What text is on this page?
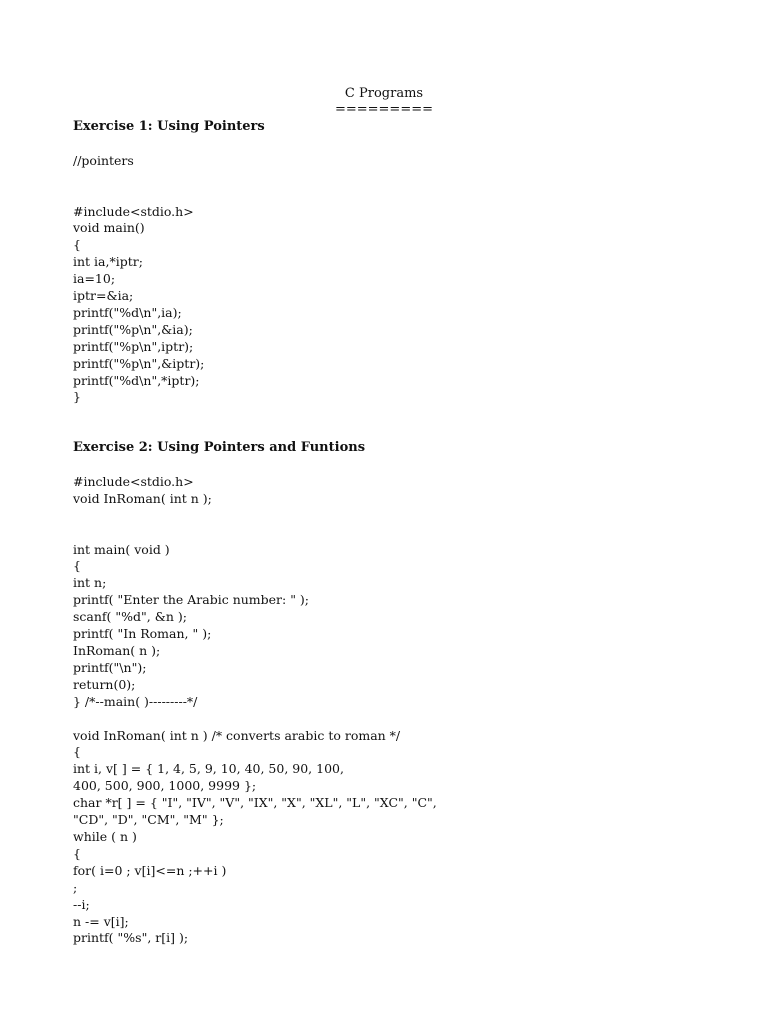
C Programs
=========
Exercise 1: Using Pointers
//pointers
#include<stdio.h>
void main()
{
int ia,*iptr;
ia=10;
iptr=&ia;
printf("%d\n",ia);
printf("%p\n",&ia);
printf("%p\n",iptr);
printf("%p\n",&iptr);
printf("%d\n",*iptr);
}
Exercise 2: Using Pointers and Funtions
#include<stdio.h>
void InRoman( int n );
int main( void )
{
int n;
printf( "Enter the Arabic number: " );
scanf( "%d", &n );
printf( "In Roman, " );
InRoman( n );
printf("\n");
return(0);
} /*--main( )---------*/
void InRoman( int n ) /* converts arabic to roman */
{
int i, v[ ] = { 1, 4, 5, 9, 10, 40, 50, 90, 100,
400, 500, 900, 1000, 9999 };
char *r[ ] = { "I", "IV", "V", "IX", "X", "XL", "L", "XC", "C",
"CD", "D", "CM", "M" };
while ( n )
{
for( i=0 ; v[i]<=n ;++i )
;
--i;
n -= v[i];
printf( "%s", r[i] );
